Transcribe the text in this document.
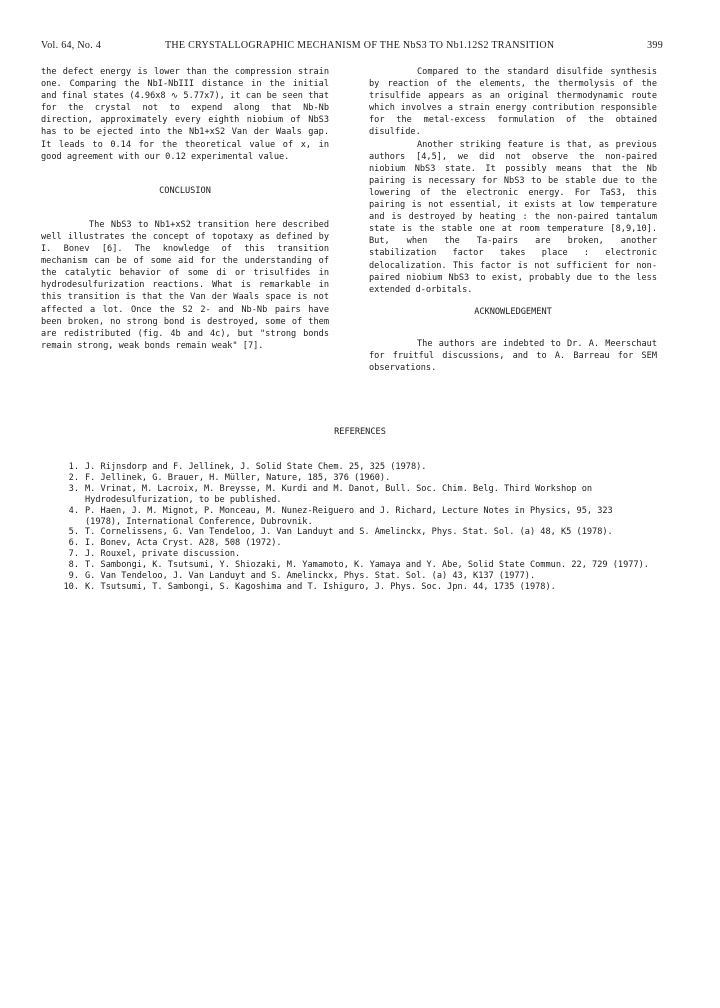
Vol. 64, No. 4	THE CRYSTALLOGRAPHIC MECHANISM OF THE NbS3 TO Nb1.12S2 TRANSITION	399

the defect energy is lower than the compression strain one. Comparing the NbI-NbIII distance in the initial and final states (4.96x8 ∿ 5.77x7), it can be seen that for the crystal not to expend along that Nb-Nb direction, approximately every eighth niobium of NbS3 has to be ejected into the Nb1+xS2 Van der Waals gap. It leads to 0.14 for the theoretical value of x, in good agreement with our 0.12 experimental value.

CONCLUSION

The NbS3 to Nb1+xS2 transition here described well illustrates the concept of topotaxy as defined by I. Bonev [6]. The knowledge of this transition mechanism can be of some aid for the understanding of the catalytic behavior of some di or trisulfides in hydrodesulfurization reactions. What is remarkable in this transition is that the Van der Waals space is not affected a lot. Once the S2 2- and Nb-Nb pairs have been broken, no strong bond is destroyed, some of them are redistributed (fig. 4b and 4c), but "strong bonds remain strong, weak bonds remain weak" [7].

Compared to the standard disulfide synthesis by reaction of the elements, the thermolysis of the trisulfide appears as an original thermodynamic route which involves a strain energy contribution responsible for the metal-excess formulation of the obtained disulfide.

Another striking feature is that, as previous authors [4,5], we did not observe the non-paired niobium NbS3 state. It possibly means that the Nb pairing is necessary for NbS3 to be stable due to the lowering of the electronic energy. For TaS3, this pairing is not essential, it exists at low temperature and is destroyed by heating : the non-paired tantalum state is the stable one at room temperature [8,9,10]. But, when the Ta-pairs are broken, another stabilization factor takes place : electronic delocalization. This factor is not sufficient for non-paired niobium NbS3 to exist, probably due to the less extended d-orbitals.

ACKNOWLEDGEMENT

The authors are indebted to Dr. A. Meerschaut for fruitful discussions, and to A. Barreau for SEM observations.

REFERENCES
1. J. Rijnsdorp and F. Jellinek, J. Solid State Chem. 25, 325 (1978).
2. F. Jellinek, G. Brauer, H. Müller, Nature, 185, 376 (1960).
3. M. Vrinat, M. Lacroix, M. Breysse, M. Kurdi and M. Danot, Bull. Soc. Chim. Belg. Third Workshop on Hydrodesulfurization, to be published.
4. P. Haen, J. M. Mignot, P. Monceau, M. Nunez-Reiguero and J. Richard, Lecture Notes in Physics, 95, 323 (1978), International Conference, Dubrovnik.
5. T. Cornelissens, G. Van Tendeloo, J. Van Landuyt and S. Amelinckx, Phys. Stat. Sol. (a) 48, K5 (1978).
6. I. Bonev, Acta Cryst. A28, 508 (1972).
7. J. Rouxel, private discussion.
8. T. Sambongi, K. Tsutsumi, Y. Shiozaki, M. Yamamoto, K. Yamaya and Y. Abe, Solid State Commun. 22, 729 (1977).
9. G. Van Tendeloo, J. Van Landuyt and S. Amelinckx, Phys. Stat. Sol. (a) 43, K137 (1977).
10. K. Tsutsumi, T. Sambongi, S. Kagoshima and T. Ishiguro, J. Phys. Soc. Jpn. 44, 1735 (1978).
